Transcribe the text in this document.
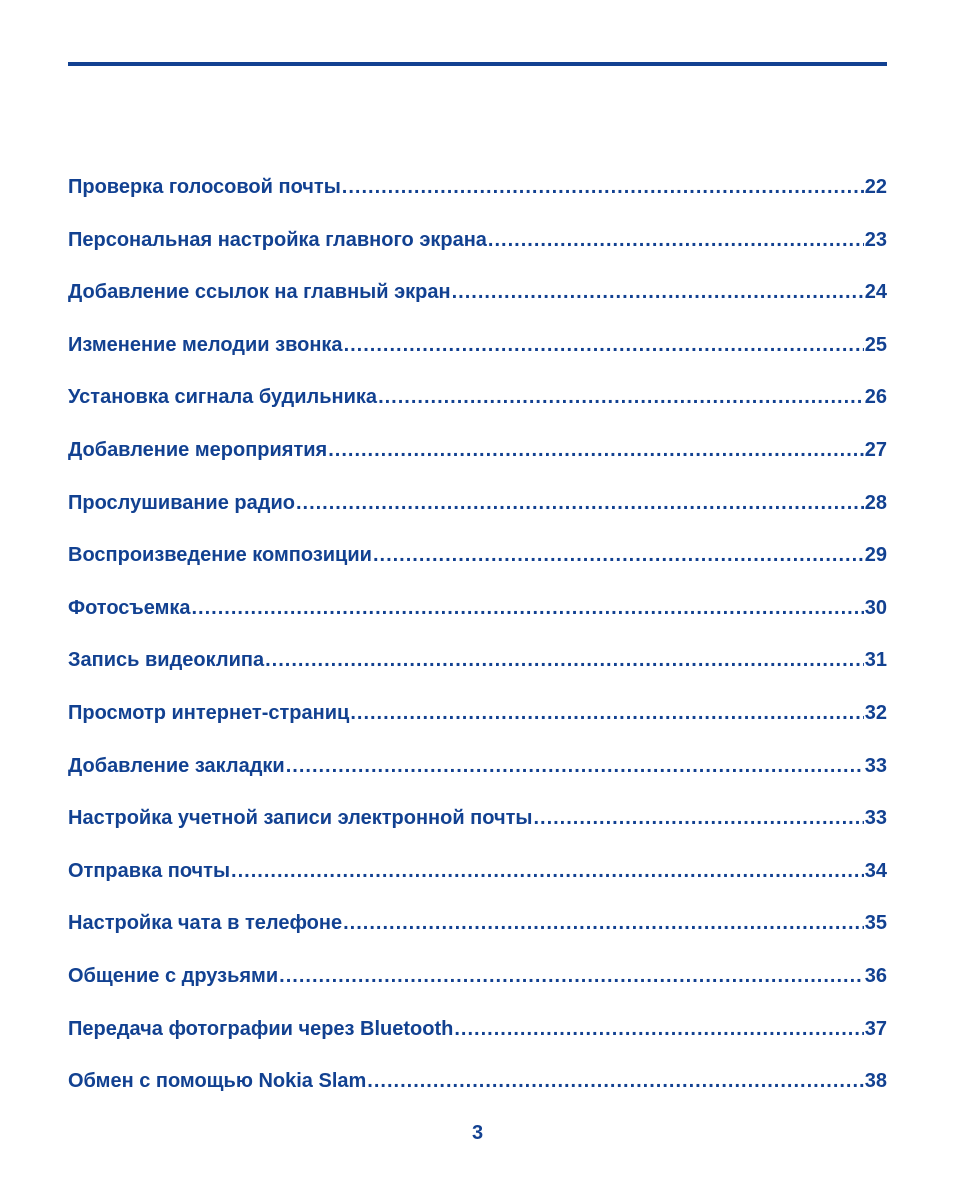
Проверка голосовой почты .....	22
Персональная настройка главного экрана .....	23
Добавление ссылок на главный экран .....	24
Изменение мелодии звонка .....	25
Установка сигнала будильника .....	26
Добавление мероприятия .....	27
Прослушивание радио .....	28
Воспроизведение композиции .....	29
Фотосъемка .....	30
Запись видеоклипа .....	31
Просмотр интернет-страниц .....	32
Добавление закладки .....	33
Настройка учетной записи электронной почты .....	33
Отправка почты .....	34
Настройка чата в телефоне .....	35
Общение с друзьями .....	36
Передача фотографии через Bluetooth .....	37
Обмен с помощью Nokia Slam .....	38
3
